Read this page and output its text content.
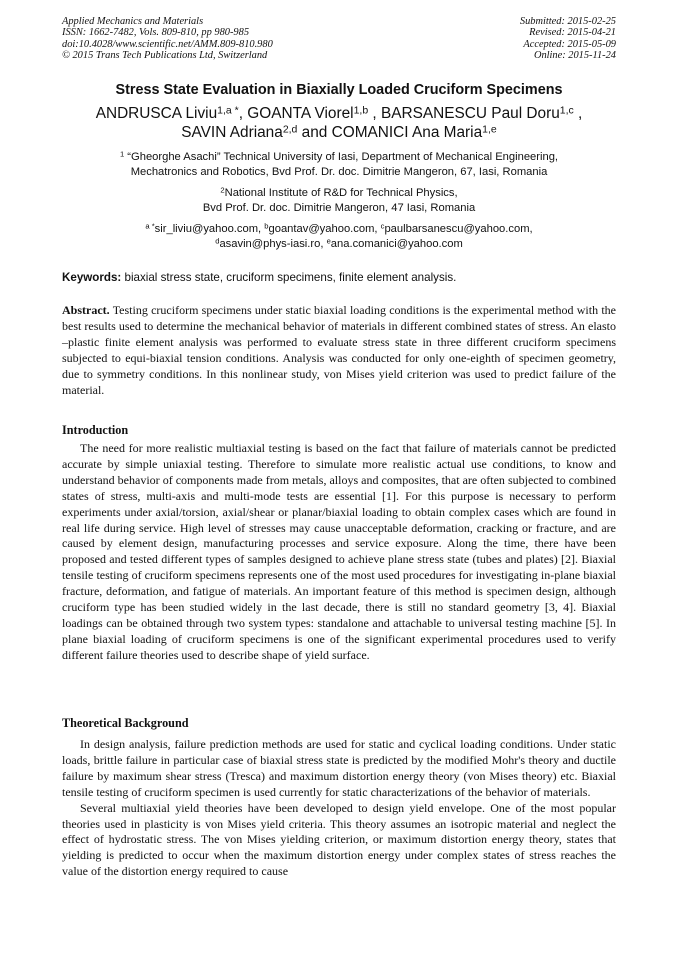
Applied Mechanics and Materials
ISSN: 1662-7482, Vols. 809-810, pp 980-985
doi:10.4028/www.scientific.net/AMM.809-810.980
© 2015 Trans Tech Publications Ltd, Switzerland
Submitted: 2015-02-25
Revised: 2015-04-21
Accepted: 2015-05-09
Online: 2015-11-24
Stress State Evaluation in Biaxially Loaded Cruciform Specimens
ANDRUSCA Liviu$^{1,a *}$, GOANTA Viorel$^{1,b}$ , BARSANESCU Paul Doru$^{1,c}$ ,
SAVIN Adriana$^{2,d}$ and COMANICI Ana Maria$^{1,e}$
$^1$ “Gheorghe Asachi” Technical University of Iasi, Department of Mechanical Engineering,
Mechatronics and Robotics, Bvd Prof. Dr. doc. Dimitrie Mangeron, 67, Iasi, Romania
$^2$National Institute of R&D for Technical Physics,
Bvd Prof. Dr. doc. Dimitrie Mangeron, 47 Iasi, Romania
$^{a *}$sir_liviu@yahoo.com, $^b$goantav@yahoo.com, $^c$paulbarsanescu@yahoo.com,
$^d$asavin@phys-iasi.ro, $^e$ana.comanici@yahoo.com
Keywords: biaxial stress state, cruciform specimens, finite element analysis.

Abstract. Testing cruciform specimens under static biaxial loading conditions is the experimental method with the best results used to determine the mechanical behavior of materials in different combined states of stress. An elasto –plastic finite element analysis was performed to evaluate stress state in three different cruciform specimens subjected to equi-biaxial tension conditions. Analysis was conducted for only one-eighth of specimen geometry, due to symmetry conditions. In this nonlinear study, von Mises yield criterion was used to predict failure of the material.

Introduction

The need for more realistic multiaxial testing is based on the fact that failure of materials cannot be predicted accurate by simple uniaxial testing. Therefore to simulate more realistic actual use conditions, to know and understand behavior of components made from metals, alloys and composites, that are often subjected to combined states of stress, multi-axis and multi-mode tests are essential [1]. For this purpose is necessary to perform experiments under axial/torsion, axial/shear or planar/biaxial loading to obtain complex cases which are found in real life during service. High level of stresses may cause unacceptable deformation, cracking or fracture, and are caused by element design, manufacturing processes and service exposure. Along the time, there have been proposed and tested different types of samples designed to achieve plane stress state (tubes and plates) [2]. Biaxial tensile testing of cruciform specimens represents one of the most used procedures for investigating in-plane biaxial fracture, deformation, and fatigue of materials. An important feature of this method is specimen design, although cruciform type has been studied widely in the last decade, there is still no standard geometry [3, 4]. Biaxial loadings can be obtained through two system types: standalone and attachable to universal testing machine [5]. In plane biaxial loading of cruciform specimens is one of the significant experimental procedures used to verify different failure theories used to describe shape of yield surface.

Theoretical Background

In design analysis, failure prediction methods are used for static and cyclical loading conditions. Under static loads, brittle failure in particular case of biaxial stress state is predicted by the modified Mohr's theory and ductile failure by maximum shear stress (Tresca) and maximum distortion energy theory (von Mises theory) etc. Biaxial tensile testing of cruciform specimen is used currently for static characterizations of the behavior of materials.

Several multiaxial yield theories have been developed to design yield envelope. One of the most popular theories used in plasticity is von Mises yield criteria. This theory assumes an isotropic material and neglect the effect of hydrostatic stress. The von Mises yielding criterion, or maximum distortion energy theory, states that yielding is predicted to occur when the maximum distortion energy under complex states of stress reaches the value of the distortion energy required to cause
